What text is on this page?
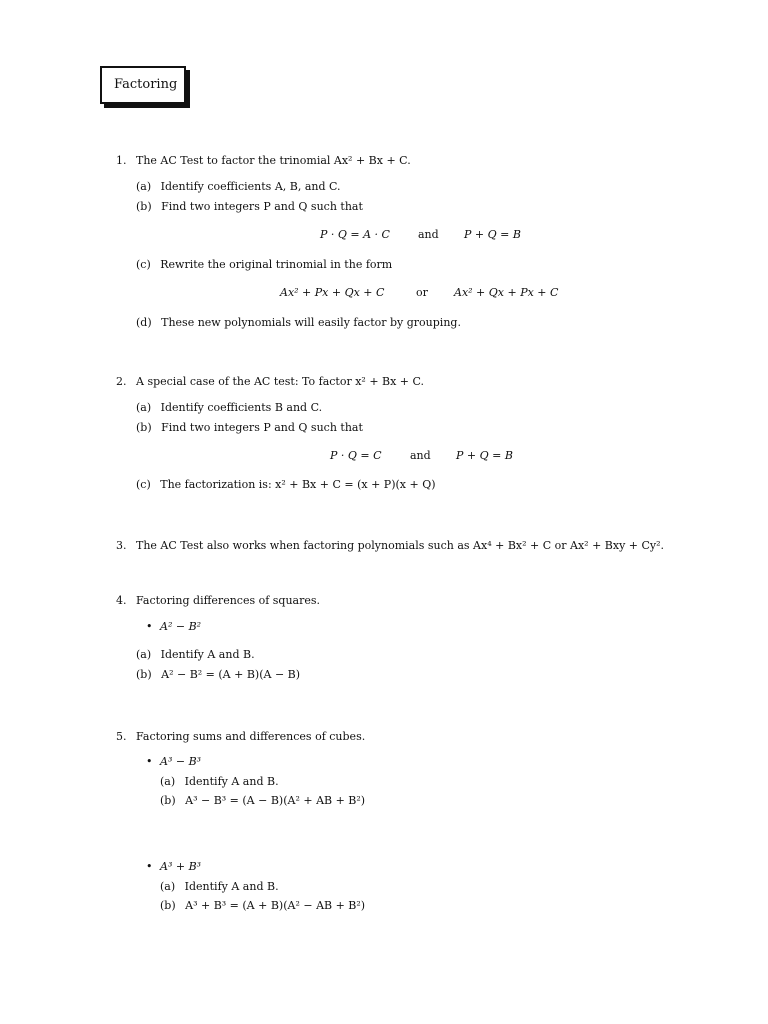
Factoring
1. The AC Test to factor the trinomial Ax² + Bx + C.
(a) Identify coefficients A, B, and C.
(b) Find two integers P and Q such that
P · Q = A · C	and P + Q = B
(c) Rewrite the original trinomial in the form
Ax² + Px + Qx + C	or Ax² + Qx + Px + C
(d) These new polynomials will easily factor by grouping.
2. A special case of the AC test: To factor x² + Bx + C.
(a) Identify coefficients B and C.
(b) Find two integers P and Q such that
P · Q = C	and P + Q = B
(c) The factorization is: x² + Bx + C = (x + P)(x + Q)
3. The AC Test also works when factoring polynomials such as Ax⁴ + Bx² + C or Ax² + Bxy + Cy².
4. Factoring differences of squares.
• A² − B²
(a) Identify A and B.
(b) A² − B² = (A + B)(A − B)
5. Factoring sums and differences of cubes.
• A³ − B³
(a) Identify A and B.
(b) A³ − B³ = (A − B)(A² + AB + B²)
• A³ + B³
(a) Identify A and B.
(b) A³ + B³ = (A + B)(A² − AB + B²)
